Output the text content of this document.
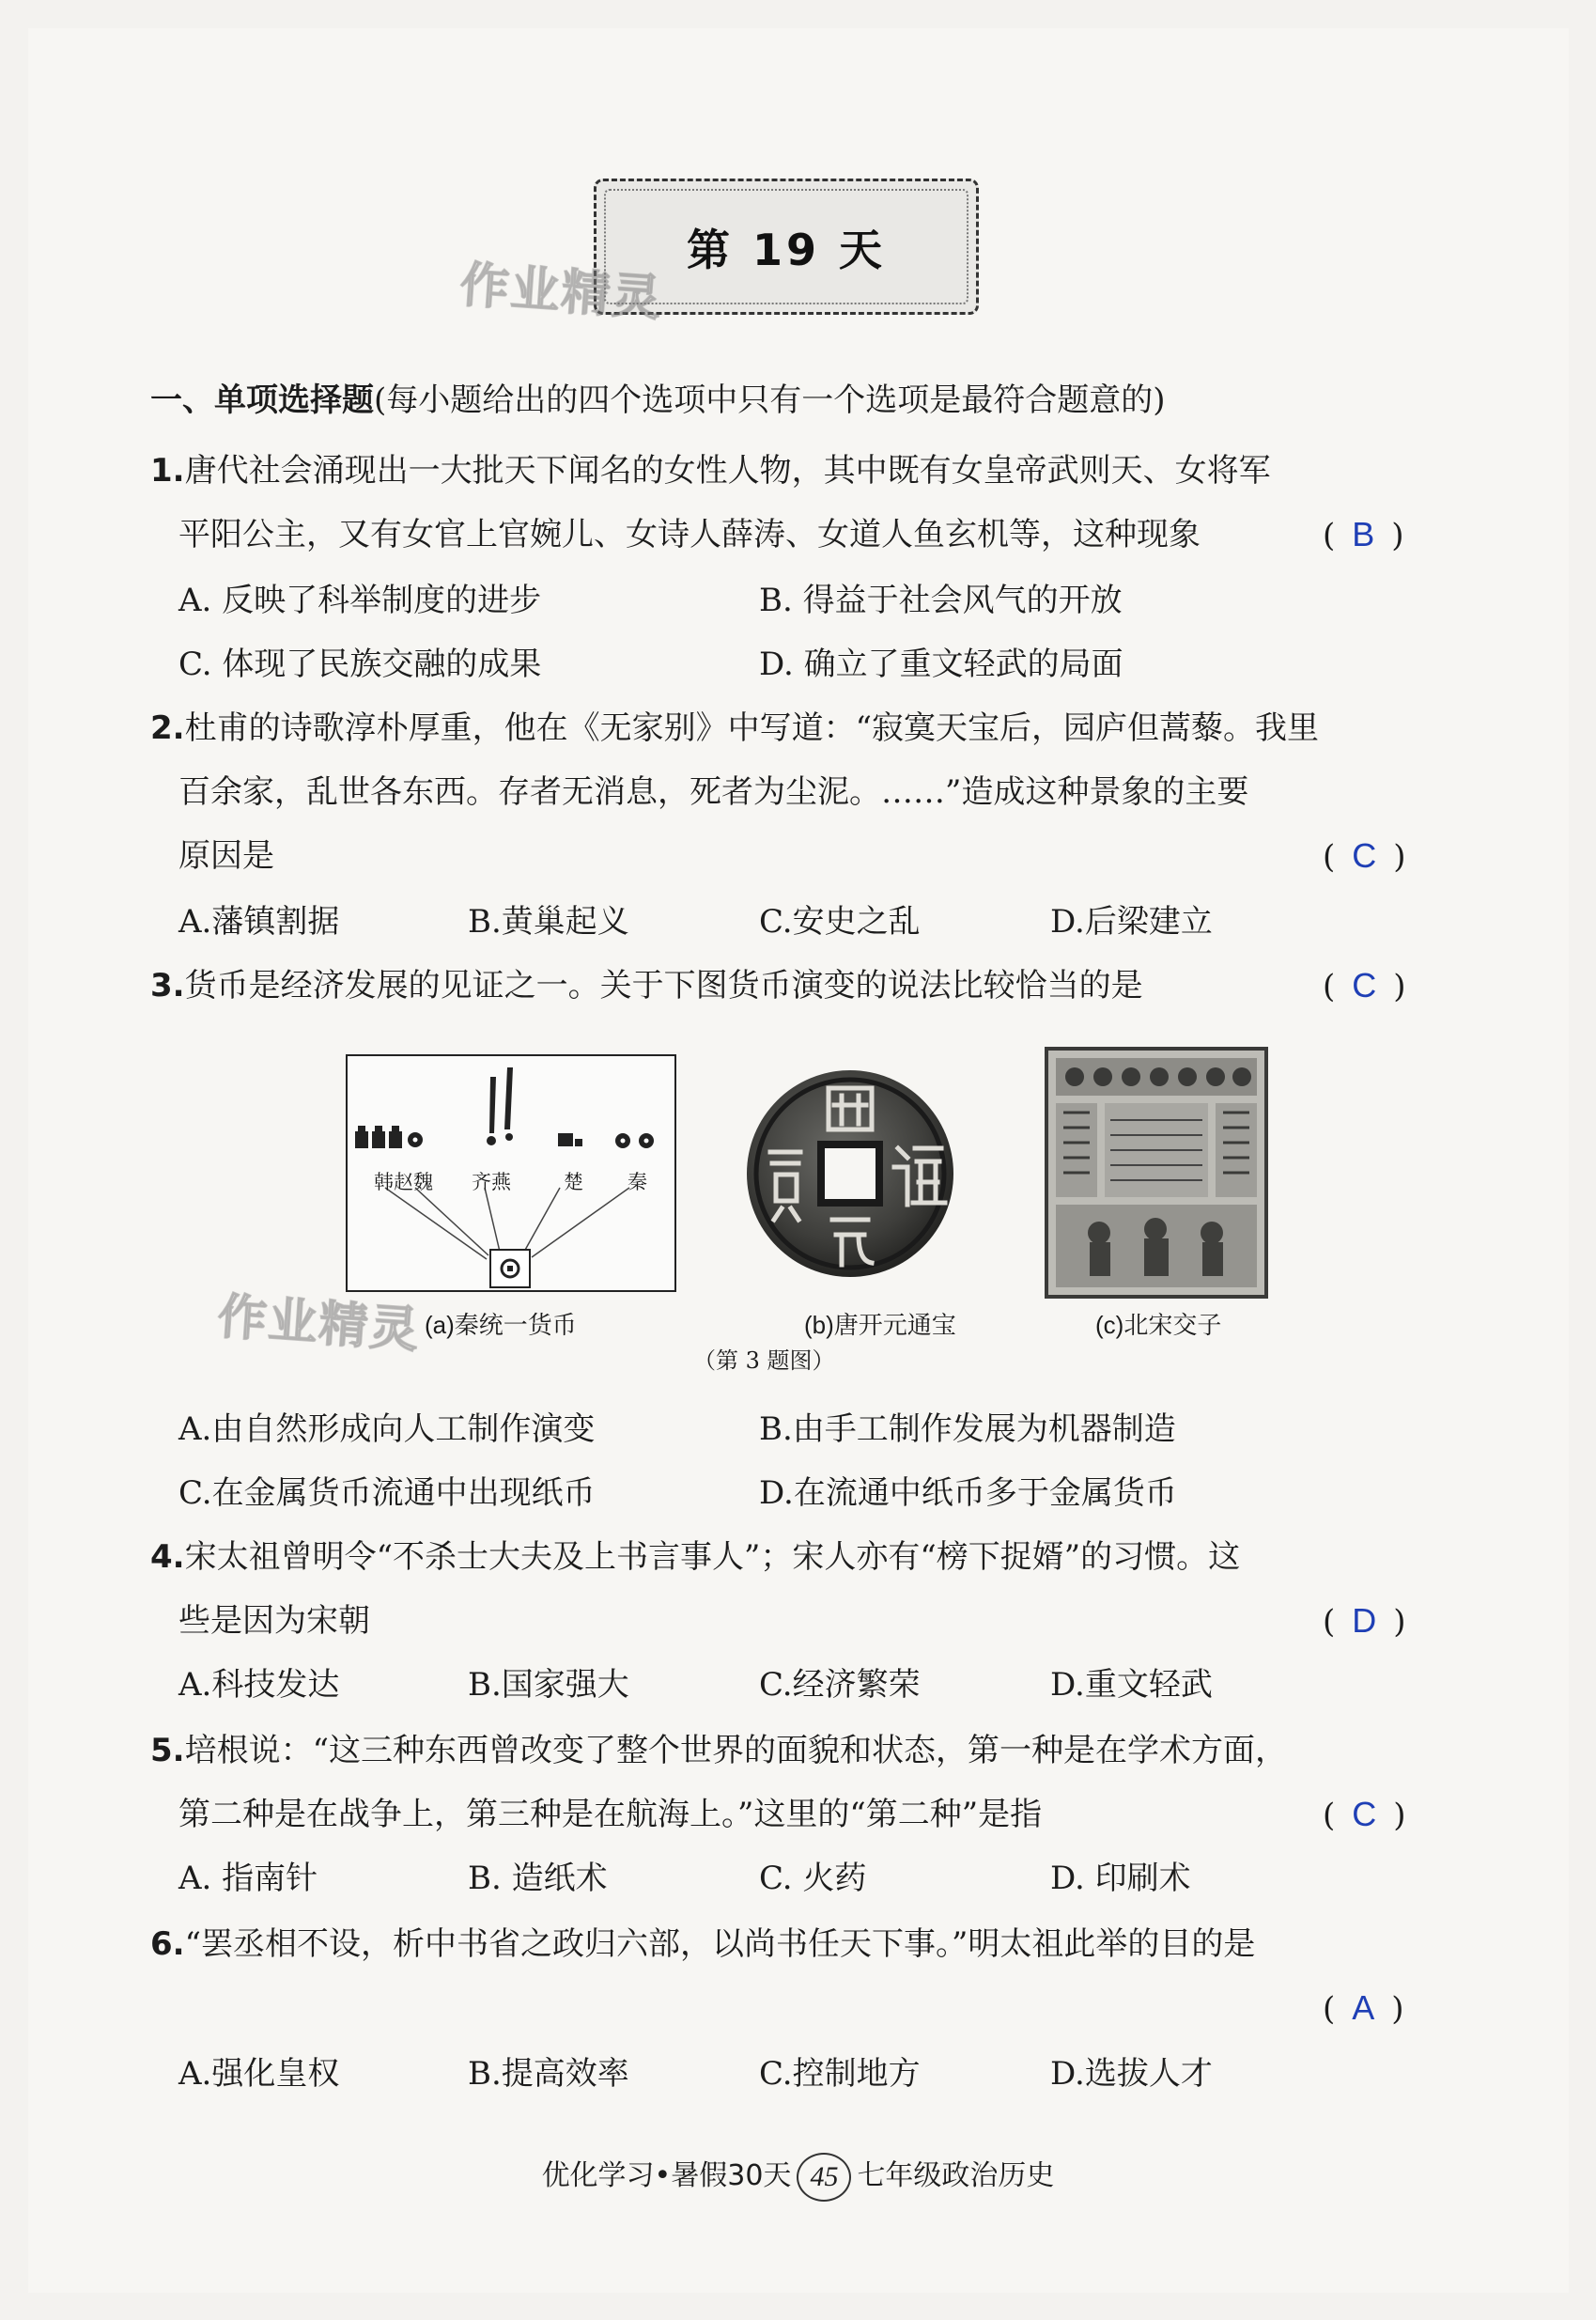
第 19 天
作业精灵
一、单项选择题(每小题给出的四个选项中只有一个选项是最符合题意的)
1.唐代社会涌现出一大批天下闻名的女性人物，其中既有女皇帝武则天、女将军
平阳公主，又有女官上官婉儿、女诗人薛涛、女道人鱼玄机等，这种现象	( B )
A. 反映了科举制度的进步	B. 得益于社会风气的开放
C. 体现了民族交融的成果	D. 确立了重文轻武的局面
2.杜甫的诗歌淳朴厚重，他在《无家别》中写道：“寂寞天宝后，园庐但蒿藜。我里
百余家，乱世各东西。存者无消息，死者为尘泥。……”造成这种景象的主要
原因是	( C )
A.藩镇割据	B.黄巢起义	C.安史之乱	D.后梁建立
3.货币是经济发展的见证之一。关于下图货币演变的说法比较恰当的是	( C )
韩赵魏 齐燕	楚 秦
(a)秦统一货币
作业精灵	(b)唐开元通宝	(c)北宋交子
（第 3 题图）
A.由自然形成向人工制作演变	B.由手工制作发展为机器制造
C.在金属货币流通中出现纸币	D.在流通中纸币多于金属货币
4.宋太祖曾明令“不杀士大夫及上书言事人”；宋人亦有“榜下捉婿”的习惯。这
些是因为宋朝	( D )
A.科技发达	B.国家强大	C.经济繁荣	D.重文轻武
5.培根说：“这三种东西曾改变了整个世界的面貌和状态，第一种是在学术方面，
第二种是在战争上，第三种是在航海上。”这里的“第二种”是指	( C )
A. 指南针	B. 造纸术	C. 火药	D. 印刷术
6.“罢丞相不设，析中书省之政归六部，以尚书任天下事。”明太祖此举的目的是
( A )
A.强化皇权	B.提高效率	C.控制地方	D.选拔人才
优化学习•暑假30天 45 七年级政治历史
